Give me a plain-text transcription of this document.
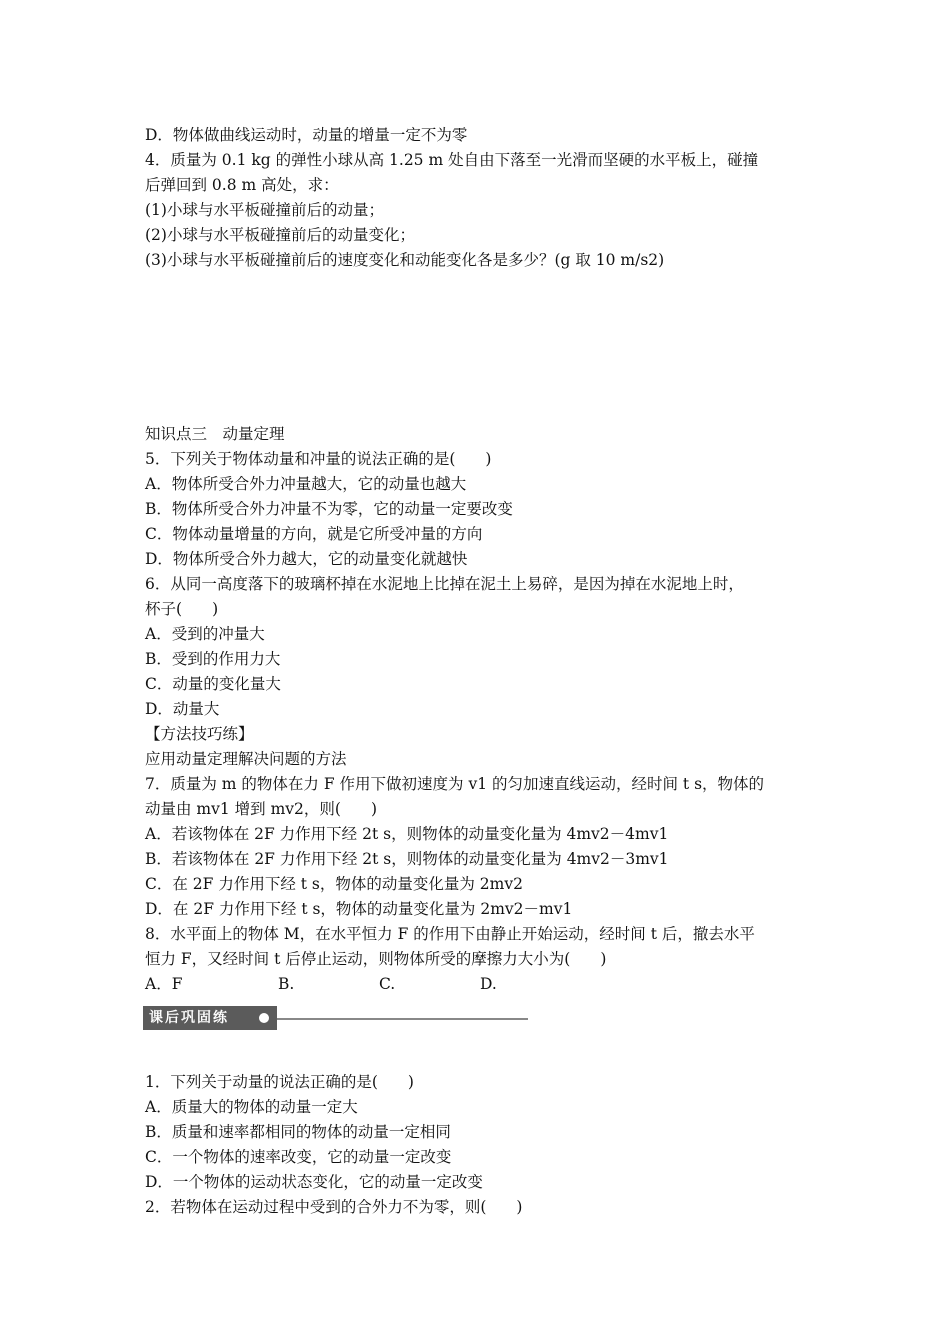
D．物体做曲线运动时，动量的增量一定不为零
4．质量为 0.1 kg 的弹性小球从高 1.25 m 处自由下落至一光滑而坚硬的水平板上，碰撞
后弹回到 0.8 m 高处，求：
(1)小球与水平板碰撞前后的动量；
(2)小球与水平板碰撞前后的动量变化；
(3)小球与水平板碰撞前后的速度变化和动能变化各是多少？(g 取 10 m/s2)
知识点三　动量定理
5．下列关于物体动量和冲量的说法正确的是( )
A．物体所受合外力冲量越大，它的动量也越大
B．物体所受合外力冲量不为零，它的动量一定要改变
C．物体动量增量的方向，就是它所受冲量的方向
D．物体所受合外力越大，它的动量变化就越快
6．从同一高度落下的玻璃杯掉在水泥地上比掉在泥土上易碎，是因为掉在水泥地上时，
杯子( )
A．受到的冲量大
B．受到的作用力大
C．动量的变化量大
D．动量大
【方法技巧练】
应用动量定理解决问题的方法
7．质量为 m 的物体在力 F 作用下做初速度为 v1 的匀加速直线运动，经时间 t s，物体的
动量由 mv1 增到 mv2，则( )
A．若该物体在 2F 力作用下经 2t s，则物体的动量变化量为 4mv2－4mv1
B．若该物体在 2F 力作用下经 2t s，则物体的动量变化量为 4mv2－3mv1
C．在 2F 力作用下经 t s，物体的动量变化量为 2mv2
D．在 2F 力作用下经 t s，物体的动量变化量为 2mv2－mv1
8．水平面上的物体 M，在水平恒力 F 的作用下由静止开始运动，经时间 t 后，撤去水平
恒力 F，又经时间 t 后停止运动，则物体所受的摩擦力大小为( )
A．F	B.	C.	D.
课后巩固练
1．下列关于动量的说法正确的是( )
A．质量大的物体的动量一定大
B．质量和速率都相同的物体的动量一定相同
C．一个物体的速率改变，它的动量一定改变
D．一个物体的运动状态变化，它的动量一定改变
2．若物体在运动过程中受到的合外力不为零，则( )
